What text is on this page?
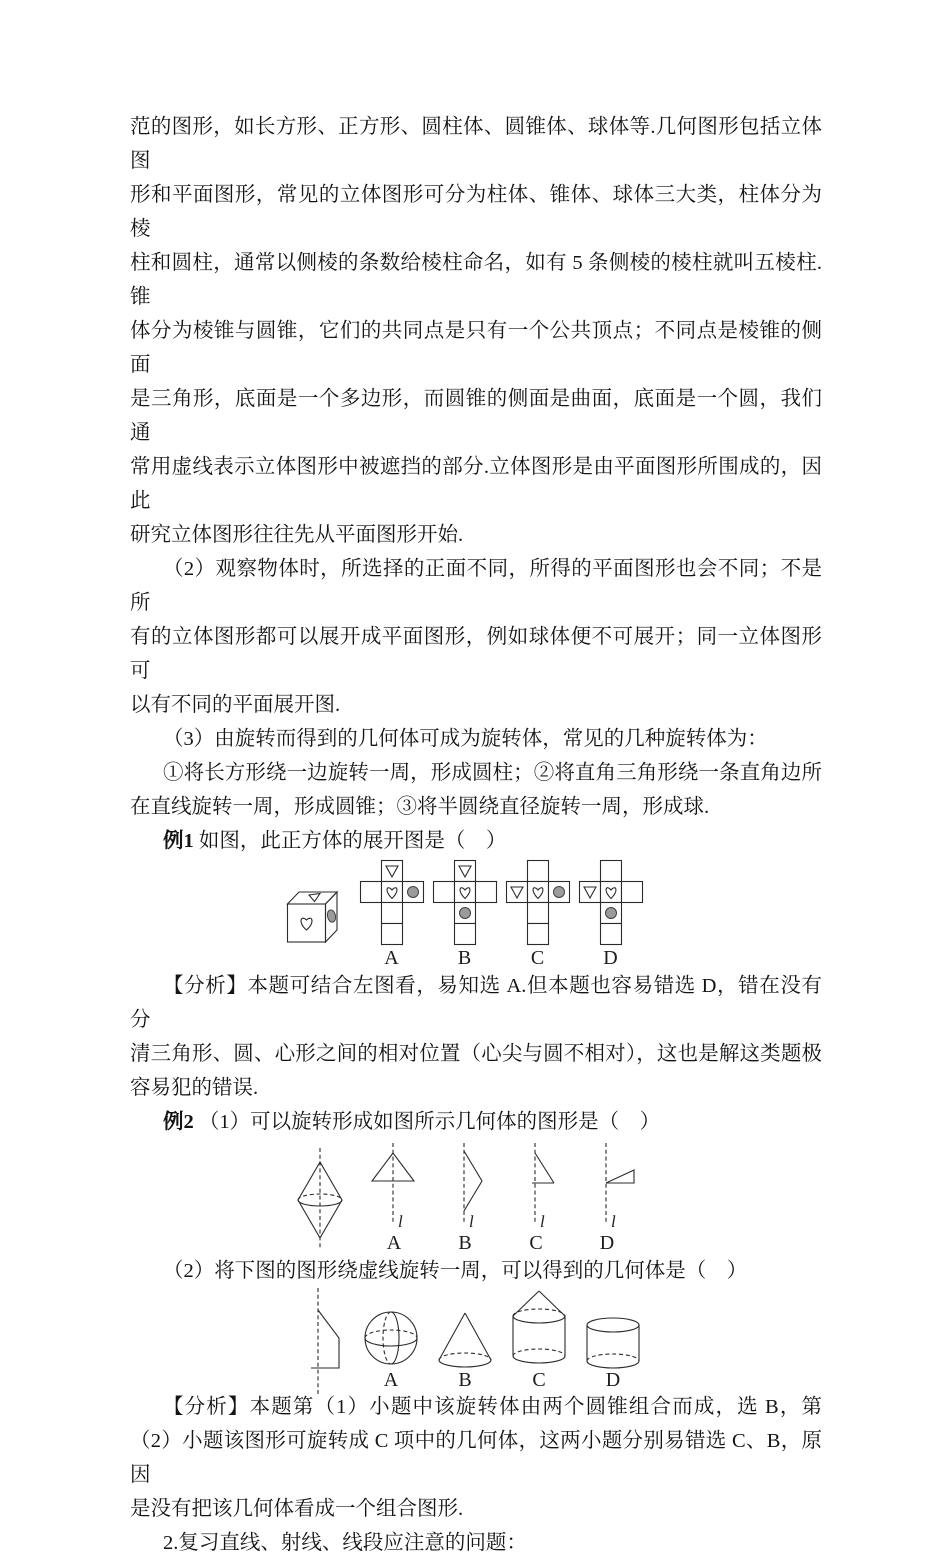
范的图形，如长方形、正方形、圆柱体、圆锥体、球体等.几何图形包括立体图
形和平面图形，常见的立体图形可分为柱体、锥体、球体三大类，柱体分为棱
柱和圆柱，通常以侧棱的条数给棱柱命名，如有 5 条侧棱的棱柱就叫五棱柱.锥
体分为棱锥与圆锥，它们的共同点是只有一个公共顶点；不同点是棱锥的侧面
是三角形，底面是一个多边形，而圆锥的侧面是曲面，底面是一个圆，我们通
常用虚线表示立体图形中被遮挡的部分.立体图形是由平面图形所围成的，因此
研究立体图形往往先从平面图形开始.
（2）观察物体时，所选择的正面不同，所得的平面图形也会不同；不是所
有的立体图形都可以展开成平面图形，例如球体便不可展开；同一立体图形可
以有不同的平面展开图.
（3）由旋转而得到的几何体可成为旋转体，常见的几种旋转体为：
①将长方形绕一边旋转一周，形成圆柱；②将直角三角形绕一条直角边所
在直线旋转一周，形成圆锥；③将半圆绕直径旋转一周，形成球.
例1 如图，此正方体的展开图是（　）
A	B	C	D
【分析】本题可结合左图看，易知选 A.但本题也容易错选 D，错在没有分
清三角形、圆、心形之间的相对位置（心尖与圆不相对），这也是解这类题极
容易犯的错误.
例2 （1）可以旋转形成如图所示几何体的图形是（　）
l
A
l
B
l
C
l
D
（2）将下图的图形绕虚线旋转一周，可以得到的几何体是（　）
A	B	C	D
【分析】本题第（1）小题中该旋转体由两个圆锥组合而成，选 B，第
（2）小题该图形可旋转成 C 项中的几何体，这两小题分别易错选 C、B，原因
是没有把该几何体看成一个组合图形.
2.复习直线、射线、线段应注意的问题：
